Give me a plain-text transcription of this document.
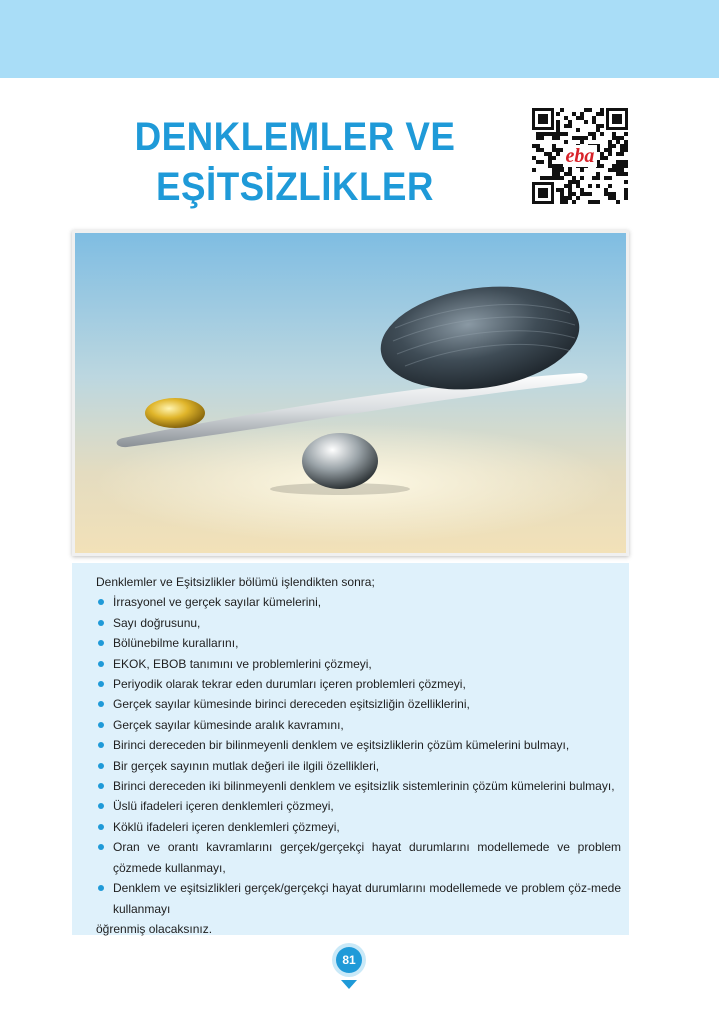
DENKLEMLER VE
EŞİTSİZLİKLER
eba

Denklemler ve Eşitsizlikler bölümü işlendikten sonra;

İrrasyonel ve gerçek sayılar kümelerini,
Sayı doğrusunu,
Bölünebilme kurallarını,
EKOK, EBOB tanımını ve problemlerini çözmeyi,
Periyodik olarak tekrar eden durumları içeren problemleri çözmeyi,
Gerçek sayılar kümesinde birinci dereceden eşitsizliğin özelliklerini,
Gerçek sayılar kümesinde aralık kavramını,
Birinci dereceden bir bilinmeyenli denklem ve eşitsizliklerin çözüm kümelerini bulmayı,
Bir gerçek sayının mutlak değeri ile ilgili özellikleri,
Birinci dereceden iki bilinmeyenli denklem ve eşitsizlik sistemlerinin çözüm kümelerini bulmayı,
Üslü ifadeleri içeren denklemleri çözmeyi,
Köklü ifadeleri içeren denklemleri çözmeyi,
Oran ve orantı kavramlarını gerçek/gerçekçi hayat durumlarını modellemede ve problem çözmede kullanmayı,
Denklem ve eşitsizlikleri gerçek/gerçekçi hayat durumlarını modellemede ve problem çöz-mede kullanmayı

öğrenmiş olacaksınız.

81
